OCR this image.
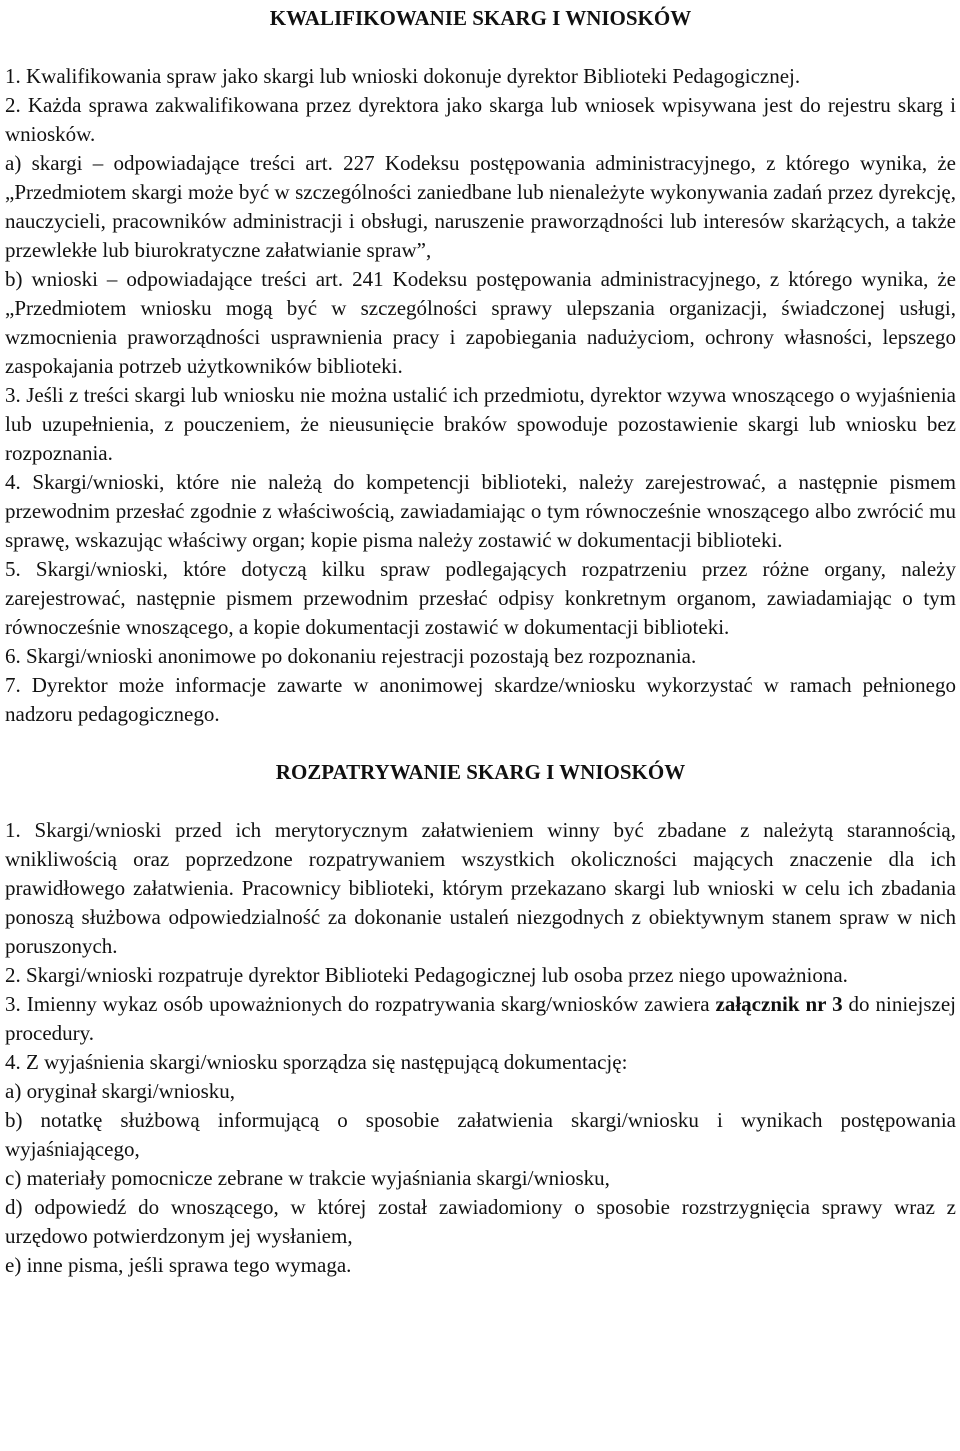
KWALIFIKOWANIE SKARG I WNIOSKÓW

1. Kwalifikowania spraw jako skargi lub wnioski dokonuje dyrektor Biblioteki Pedagogicznej.

2. Każda sprawa zakwalifikowana przez dyrektora jako skarga lub wniosek wpisywana jest do rejestru skarg i wniosków.

a) skargi – odpowiadające treści art. 227 Kodeksu postępowania administracyjnego, z którego wynika, że „Przedmiotem skargi może być w szczególności zaniedbane lub nienależyte wykonywania zadań przez dyrekcję, nauczycieli, pracowników administracji i obsługi, naruszenie praworządności lub interesów skarżących, a także przewlekłe lub biurokratyczne załatwianie spraw”,

b) wnioski – odpowiadające treści art. 241 Kodeksu postępowania administracyjnego, z którego wynika, że „Przedmiotem wniosku mogą być w szczególności sprawy ulepszania organizacji, świadczonej usługi, wzmocnienia praworządności usprawnienia pracy i zapobiegania nadużyciom, ochrony własności, lepszego zaspokajania potrzeb użytkowników biblioteki.

3. Jeśli z treści skargi lub wniosku nie można ustalić ich przedmiotu, dyrektor wzywa wnoszącego o wyjaśnienia lub uzupełnienia, z pouczeniem, że nieusunięcie braków spowoduje pozostawienie skargi lub wniosku bez rozpoznania.

4. Skargi/wnioski, które nie należą do kompetencji biblioteki, należy zarejestrować, a następnie pismem przewodnim przesłać zgodnie z właściwością, zawiadamiając o tym równocześnie wnoszącego albo zwrócić mu sprawę, wskazując właściwy organ; kopie pisma należy zostawić w dokumentacji biblioteki.

5. Skargi/wnioski, które dotyczą kilku spraw podlegających rozpatrzeniu przez różne organy, należy zarejestrować, następnie pismem przewodnim przesłać odpisy konkretnym organom, zawiadamiając o tym równocześnie wnoszącego, a kopie dokumentacji zostawić w dokumentacji biblioteki.

6. Skargi/wnioski anonimowe po dokonaniu rejestracji pozostają bez rozpoznania.

7. Dyrektor może informacje zawarte w anonimowej skardze/wniosku wykorzystać w ramach pełnionego nadzoru pedagogicznego.

ROZPATRYWANIE SKARG I WNIOSKÓW

1. Skargi/wnioski przed ich merytorycznym załatwieniem winny być zbadane z należytą starannością, wnikliwością oraz poprzedzone rozpatrywaniem wszystkich okoliczności mających znaczenie dla ich prawidłowego załatwienia. Pracownicy biblioteki, którym przekazano skargi lub wnioski w celu ich zbadania ponoszą służbowa odpowiedzialność za dokonanie ustaleń niezgodnych z obiektywnym stanem spraw w nich poruszonych.

2. Skargi/wnioski rozpatruje dyrektor Biblioteki Pedagogicznej lub osoba przez niego upoważniona.

3. Imienny wykaz osób upoważnionych do rozpatrywania skarg/wniosków zawiera załącznik nr 3 do niniejszej procedury.

4. Z wyjaśnienia skargi/wniosku sporządza się następującą dokumentację:

a) oryginał skargi/wniosku,

b) notatkę służbową informującą o sposobie załatwienia skargi/wniosku i wynikach postępowania wyjaśniającego,

c) materiały pomocnicze zebrane w trakcie wyjaśniania skargi/wniosku,

d) odpowiedź do wnoszącego, w której został zawiadomiony o sposobie rozstrzygnięcia sprawy wraz z urzędowo potwierdzonym jej wysłaniem,

e) inne pisma, jeśli sprawa tego wymaga.
